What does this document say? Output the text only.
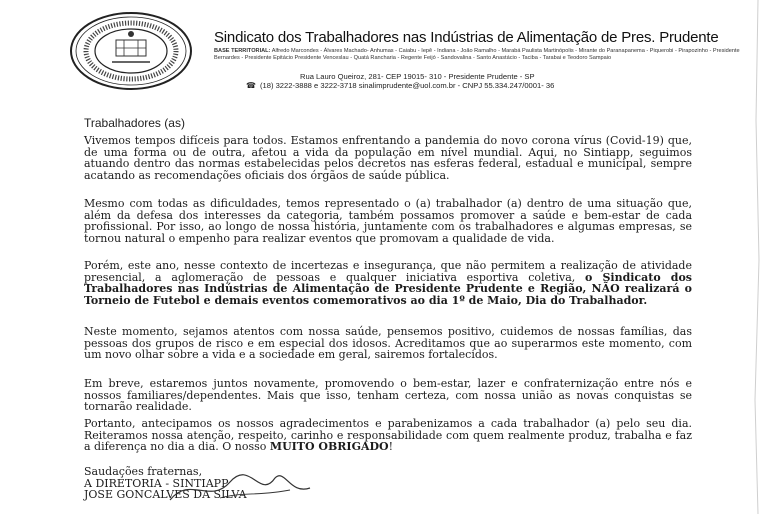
Sindicato dos Trabalhadores nas Indústrias de Alimentação de Pres. Prudente
BASE TERRITORIAL: Alfredo Marcondes - Álvares Machado- Anhumas - Caiabu - Iepê - Indiana - João Ramalho - Marabá Paulista Martinópolis - Mirante do Paranapanema - Piquerobi - Pirapozinho - Presidente Bernardes - Presidente Epitácio Presidente Venceslau - Quatá Rancharia - Regente Feijó - Sandovalina - Santo Anastácio - Taciba - Tarabai e Teodoro Sampaio
Rua Lauro Queiroz, 281- CEP 19015- 310 - Presidente Prudente - SP
☎ (18) 3222-3888 e 3222-3718 sinalimprudente@uol.com.br - CNPJ 55.334.247/0001- 36
Trabalhadores (as)

Vivemos tempos difíceis para todos. Estamos enfrentando a pandemia do novo corona vírus (Covid-19) que, de uma forma ou de outra, afetou a vida da população em nível mundial. Aqui, no Sintiapp, seguimos atuando dentro das normas estabelecidas pelos decretos nas esferas federal, estadual e municipal, sempre acatando as recomendações oficiais dos órgãos de saúde pública.

Mesmo com todas as dificuldades, temos representado o (a) trabalhador (a) dentro de uma situação que, além da defesa dos interesses da categoria, também possamos promover a saúde e bem-estar de cada profissional. Por isso, ao longo de nossa história, juntamente com os trabalhadores e algumas empresas, se tornou natural o empenho para realizar eventos que promovam a qualidade de vida.

Porém, este ano, nesse contexto de incertezas e insegurança, que não permitem a realização de atividade presencial, a aglomeração de pessoas e qualquer iniciativa esportiva coletiva, o Sindicato dos Trabalhadores nas Indústrias de Alimentação de Presidente Prudente e Região, NÃO realizará o Torneio de Futebol e demais eventos comemorativos ao dia 1º de Maio, Dia do Trabalhador.

Neste momento, sejamos atentos com nossa saúde, pensemos positivo, cuidemos de nossas famílias, das pessoas dos grupos de risco e em especial dos idosos. Acreditamos que ao superarmos este momento, com um novo olhar sobre a vida e a sociedade em geral, sairemos fortalecidos.

Em breve, estaremos juntos novamente, promovendo o bem-estar, lazer e confraternização entre nós e nossos familiares/dependentes. Mais que isso, tenham certeza, com nossa união as novas conquistas se tornarão realidade.

Portanto, antecipamos os nossos agradecimentos e parabenizamos a cada trabalhador (a) pelo seu dia. Reiteramos nossa atenção, respeito, carinho e responsabilidade com quem realmente produz, trabalha e faz a diferença no dia a dia. O nosso MUITO OBRIGADO!

Saudações fraternas,
A DIRETORIA - SINTIAPP
JOSE GONCALVES DA SILVA
